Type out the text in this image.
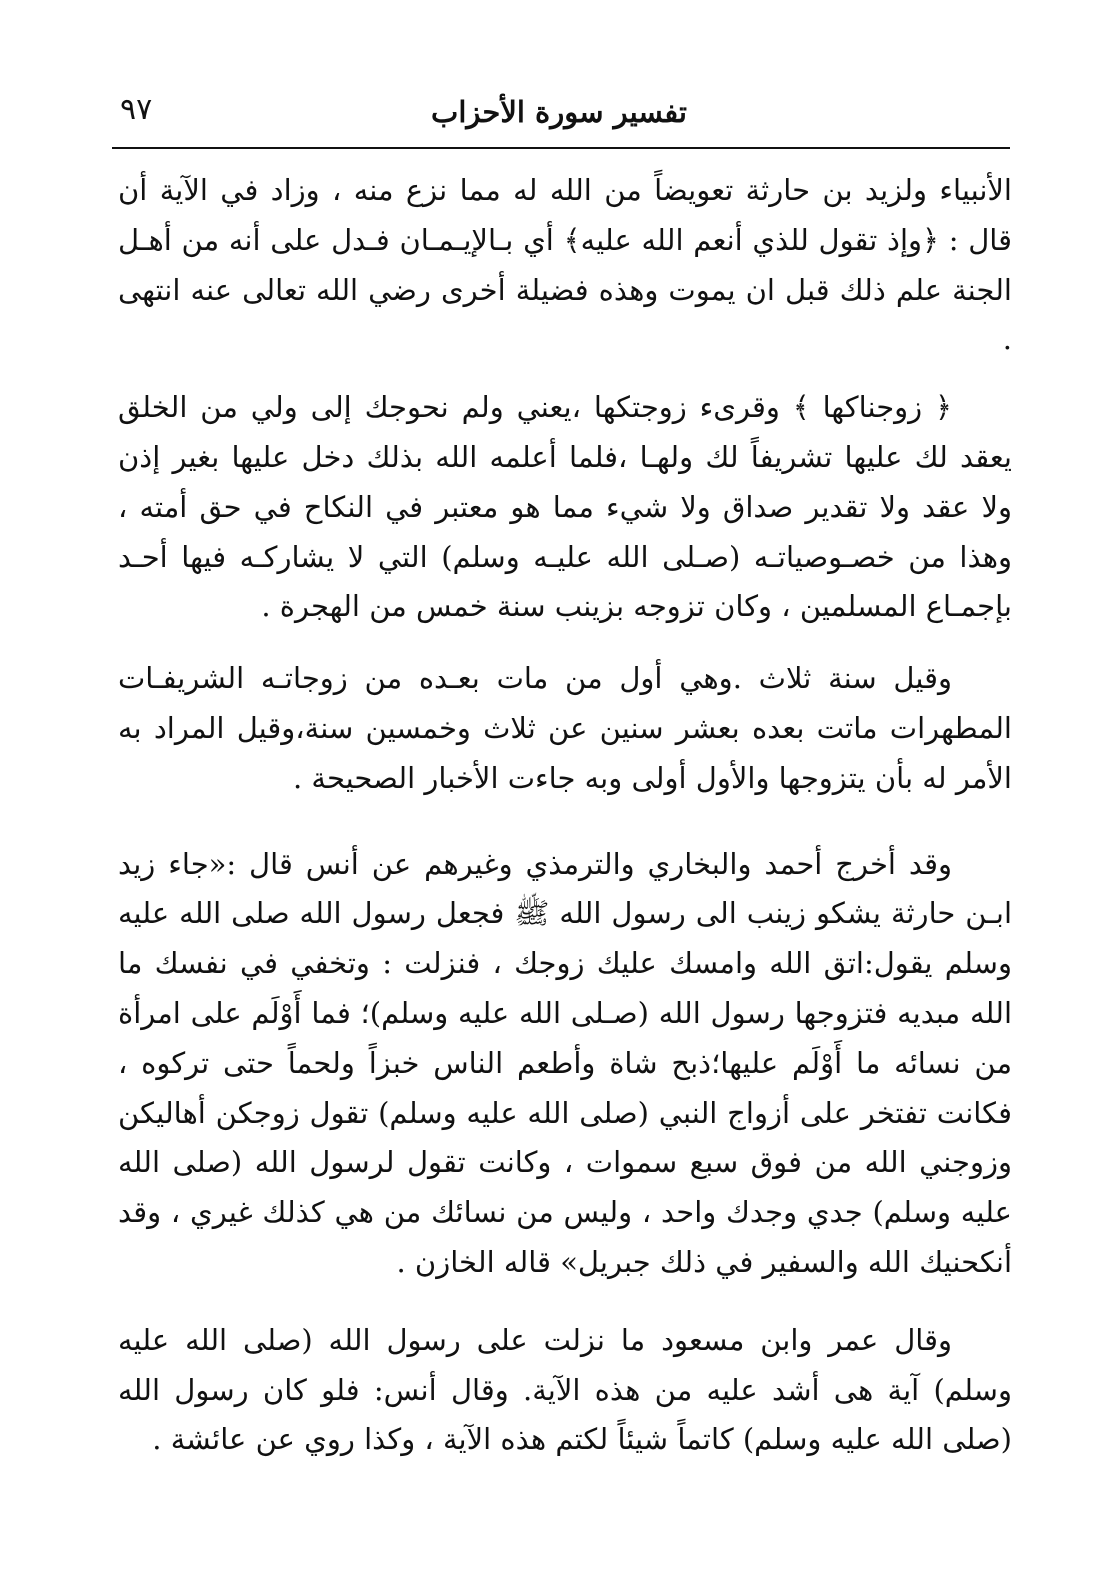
٩٧	تفسير سورة الأحزاب

الأنبياء ولزيد بن حارثة تعويضاً من الله له مما نزع منه ، وزاد في الآية أن قال : ﴿وإذ تقول للذي أنعم الله عليه﴾ أي بـالإيـمـان فـدل على أنه من أهـل الجنة علم ذلك قبل ان يموت وهذه فضيلة أخرى رضي الله تعالى عنه انتهى .

﴿ زوجناكها ﴾ وقرىء زوجتكها ،يعني ولم نحوجك إلى ولي من الخلق يعقد لك عليها تشريفاً لك ولهـا ،فلما أعلمه الله بذلك دخل عليها بغير إذن ولا عقد ولا تقدير صداق ولا شيء مما هو معتبر في النكاح في حق أمته ، وهذا من خصـوصياتـه (صـلى الله عليـه وسلم) التي لا يشاركـه فيها أحـد بإجمـاع المسلمين ، وكان تزوجه بزينب سنة خمس من الهجرة .

وقيل سنة ثلاث .وهي أول من مات بعـده من زوجاتـه الشريفـات المطهرات ماتت بعده بعشر سنين عن ثلاث وخمسين سنة،وقيل المراد به الأمر له بأن يتزوجها والأول أولى وبه جاءت الأخبار الصحيحة .

وقد أخرج أحمد والبخاري والترمذي وغيرهم عن أنس قال :«جاء زيد ابـن حارثة يشكو زينب الى رسول الله ﷺ فجعل رسول الله صلى الله عليه وسلم يقول:اتق الله وامسك عليك زوجك ، فنزلت : وتخفي في نفسك ما الله مبديه فتزوجها رسول الله (صـلى الله عليه وسلم)؛ فما أَوْلَم على امرأة من نسائه ما أَوْلَم عليها؛ذبح شاة وأطعم الناس خبزاً ولحماً حتى تركوه ، فكانت تفتخر على أزواج النبي (صلى الله عليه وسلم) تقول زوجكن أهاليكن وزوجني الله من فوق سبع سموات ، وكانت تقول لرسول الله (صلى الله عليه وسلم) جدي وجدك واحد ، وليس من نسائك من هي كذلك غيري ، وقد أنكحنيك الله والسفير في ذلك جبريل» قاله الخازن .

وقال عمر وابن مسعود ما نزلت على رسول الله (صلى الله عليه وسلم) آية هى أشد عليه من هذه الآية. وقال أنس: فلو كان رسول الله (صلى الله عليه وسلم) كاتماً شيئاً لكتم هذه الآية ، وكذا روي عن عائشة .
